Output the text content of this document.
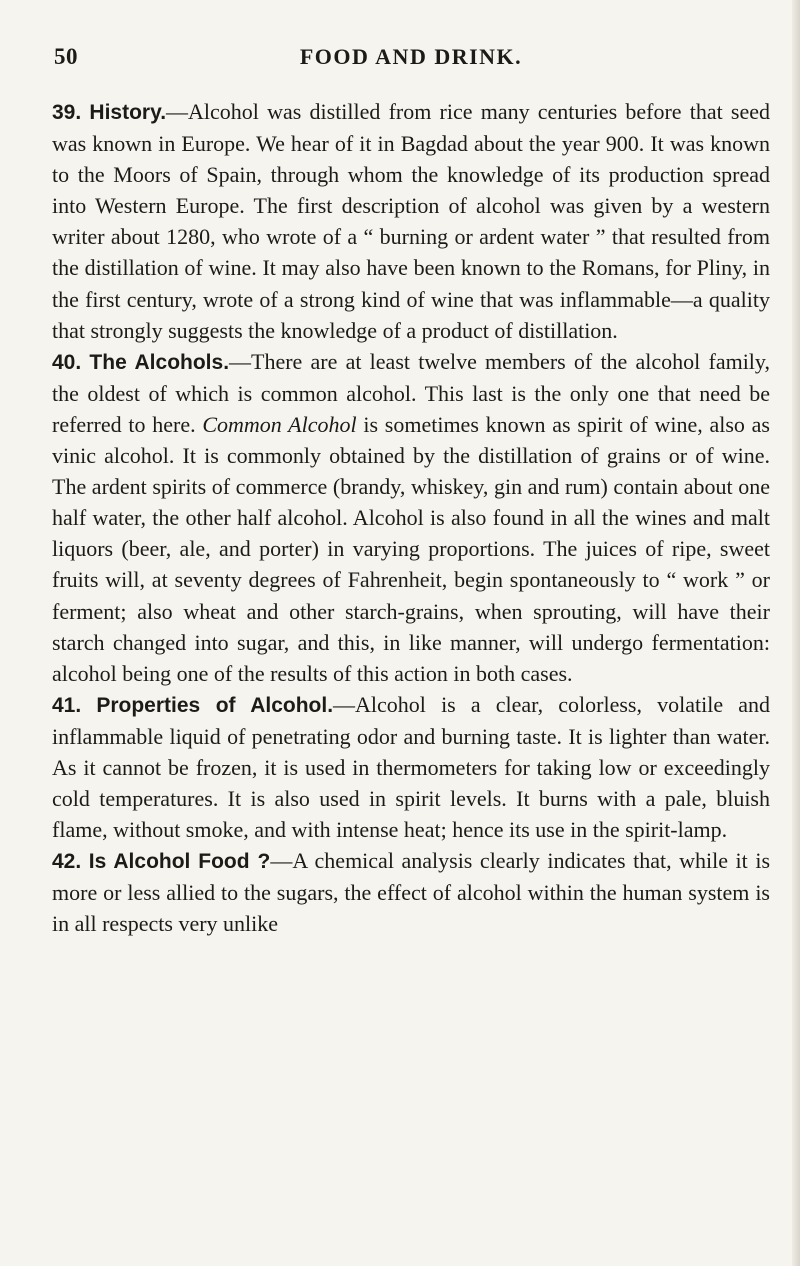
50	FOOD AND DRINK.

39. History.—Alcohol was distilled from rice many centuries before that seed was known in Europe. We hear of it in Bagdad about the year 900. It was known to the Moors of Spain, through whom the knowledge of its production spread into Western Europe. The first description of alcohol was given by a western writer about 1280, who wrote of a “ burning or ardent water ” that resulted from the distillation of wine. It may also have been known to the Romans, for Pliny, in the first century, wrote of a strong kind of wine that was inflammable—a quality that strongly suggests the knowledge of a product of distillation.

40. The Alcohols.—There are at least twelve members of the alcohol family, the oldest of which is common alcohol. This last is the only one that need be referred to here. Common Alcohol is sometimes known as spirit of wine, also as vinic alcohol. It is commonly obtained by the distillation of grains or of wine. The ardent spirits of commerce (brandy, whiskey, gin and rum) contain about one half water, the other half alcohol. Alcohol is also found in all the wines and malt liquors (beer, ale, and porter) in varying proportions. The juices of ripe, sweet fruits will, at seventy degrees of Fahrenheit, begin spontaneously to “ work ” or ferment; also wheat and other starch-grains, when sprouting, will have their starch changed into sugar, and this, in like manner, will undergo fermentation: alcohol being one of the results of this action in both cases.

41. Properties of Alcohol.—Alcohol is a clear, colorless, volatile and inflammable liquid of penetrating odor and burning taste. It is lighter than water. As it cannot be frozen, it is used in thermometers for taking low or exceedingly cold temperatures. It is also used in spirit levels. It burns with a pale, bluish flame, without smoke, and with intense heat; hence its use in the spirit-lamp.

42. Is Alcohol Food ?—A chemical analysis clearly indicates that, while it is more or less allied to the sugars, the effect of alcohol within the human system is in all respects very unlike
